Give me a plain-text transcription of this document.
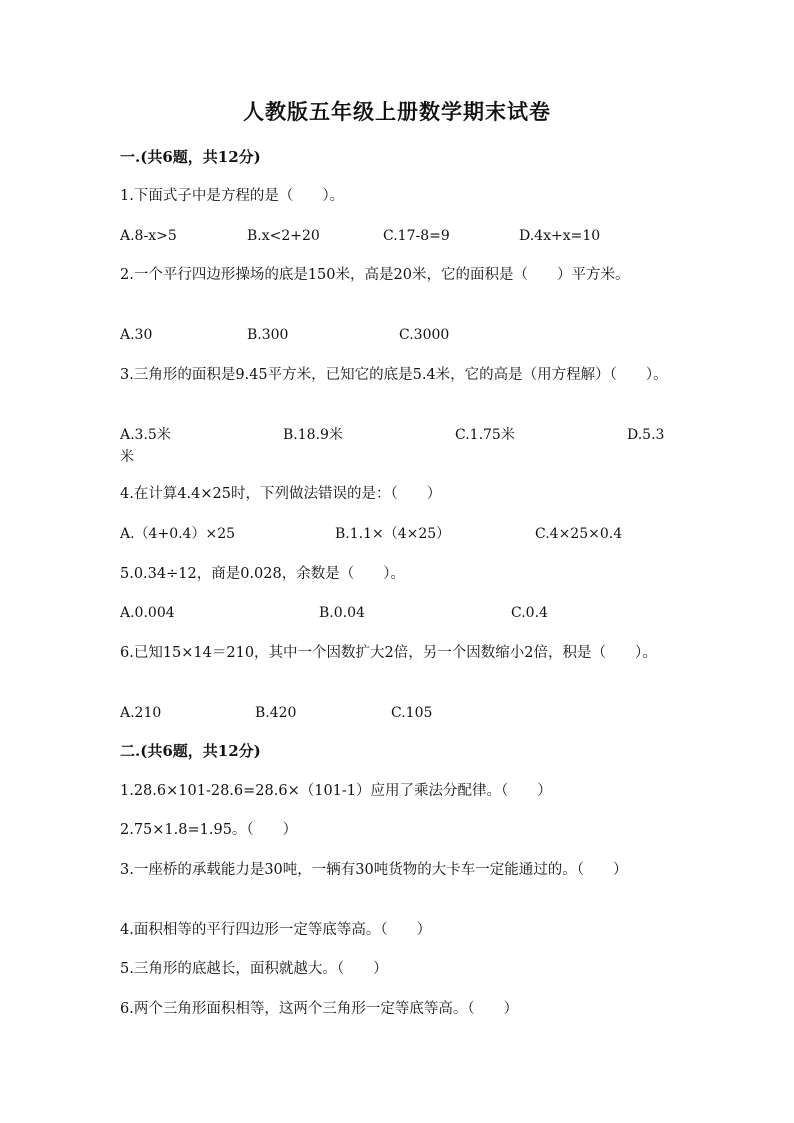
人教版五年级上册数学期末试卷
一.(共6题，共12分)
1.下面式子中是方程的是（　　）。
A.8-x>5	B.x<2+20	C.17-8=9	D.4x+x=10
2.一个平行四边形操场的底是150米，高是20米，它的面积是（　　）平方米。
A.30	B.300	C.3000
3.三角形的面积是9.45平方米，已知它的底是5.4米，它的高是（用方程解）（　　）。
A.3.5米	B.18.9米	C.1.75米	D.5.3
米
4.在计算4.4×25时，下列做法错误的是：（　　）
A.（4+0.4）×25	B.1.1×（4×25）	C.4×25×0.4
5.0.34÷12，商是0.028，余数是（　　）。
A.0.004	B.0.04	C.0.4
6.已知15×14＝210，其中一个因数扩大2倍，另一个因数缩小2倍，积是（　　）。
A.210	B.420	C.105
二.(共6题，共12分)
1.28.6×101-28.6=28.6×（101-1）应用了乘法分配律。（　　）
2.75×1.8=1.95。（　　）
3.一座桥的承载能力是30吨，一辆有30吨货物的大卡车一定能通过的。（　　）
4.面积相等的平行四边形一定等底等高。（　　）
5.三角形的底越长，面积就越大。（　　）
6.两个三角形面积相等，这两个三角形一定等底等高。（　　）
